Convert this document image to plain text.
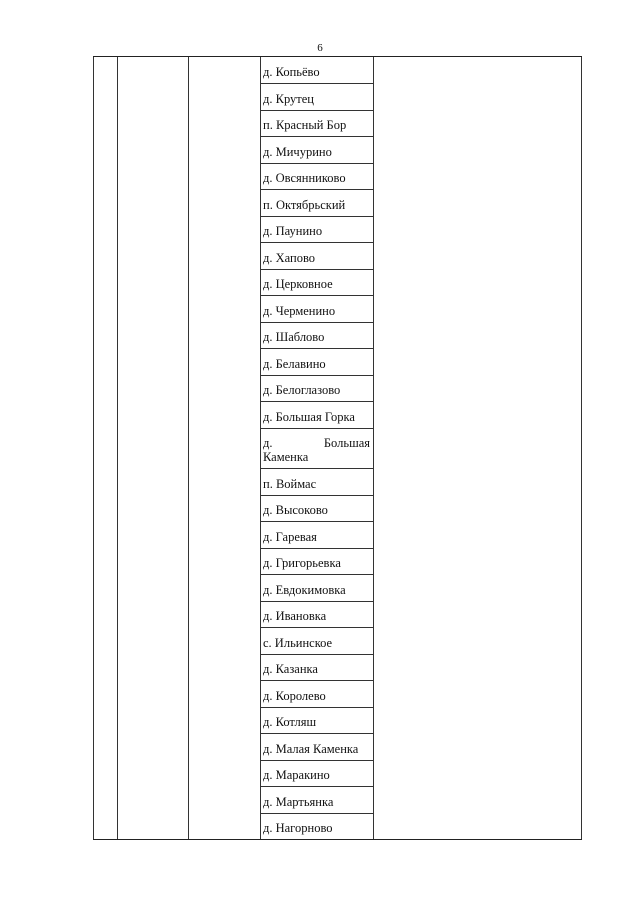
6
д. Копьёво
д. Крутец
п. Красный Бор
д. Мичурино
д. Овсянниково
п. Октябрьский
д. Паунино
д. Хапово
д. Церковное
д. Черменино
д. Шаблово
д. Белавино
д. Белоглазово
д. Большая Горка
д.	Большая
Каменка
п. Воймас
д. Высоково
д. Гаревая
д. Григорьевка
д. Евдокимовка
д. Ивановка
с. Ильинское
д. Казанка
д. Королево
д. Котляш
д. Малая Каменка
д. Маракино
д. Мартьянка
д. Нагорново
